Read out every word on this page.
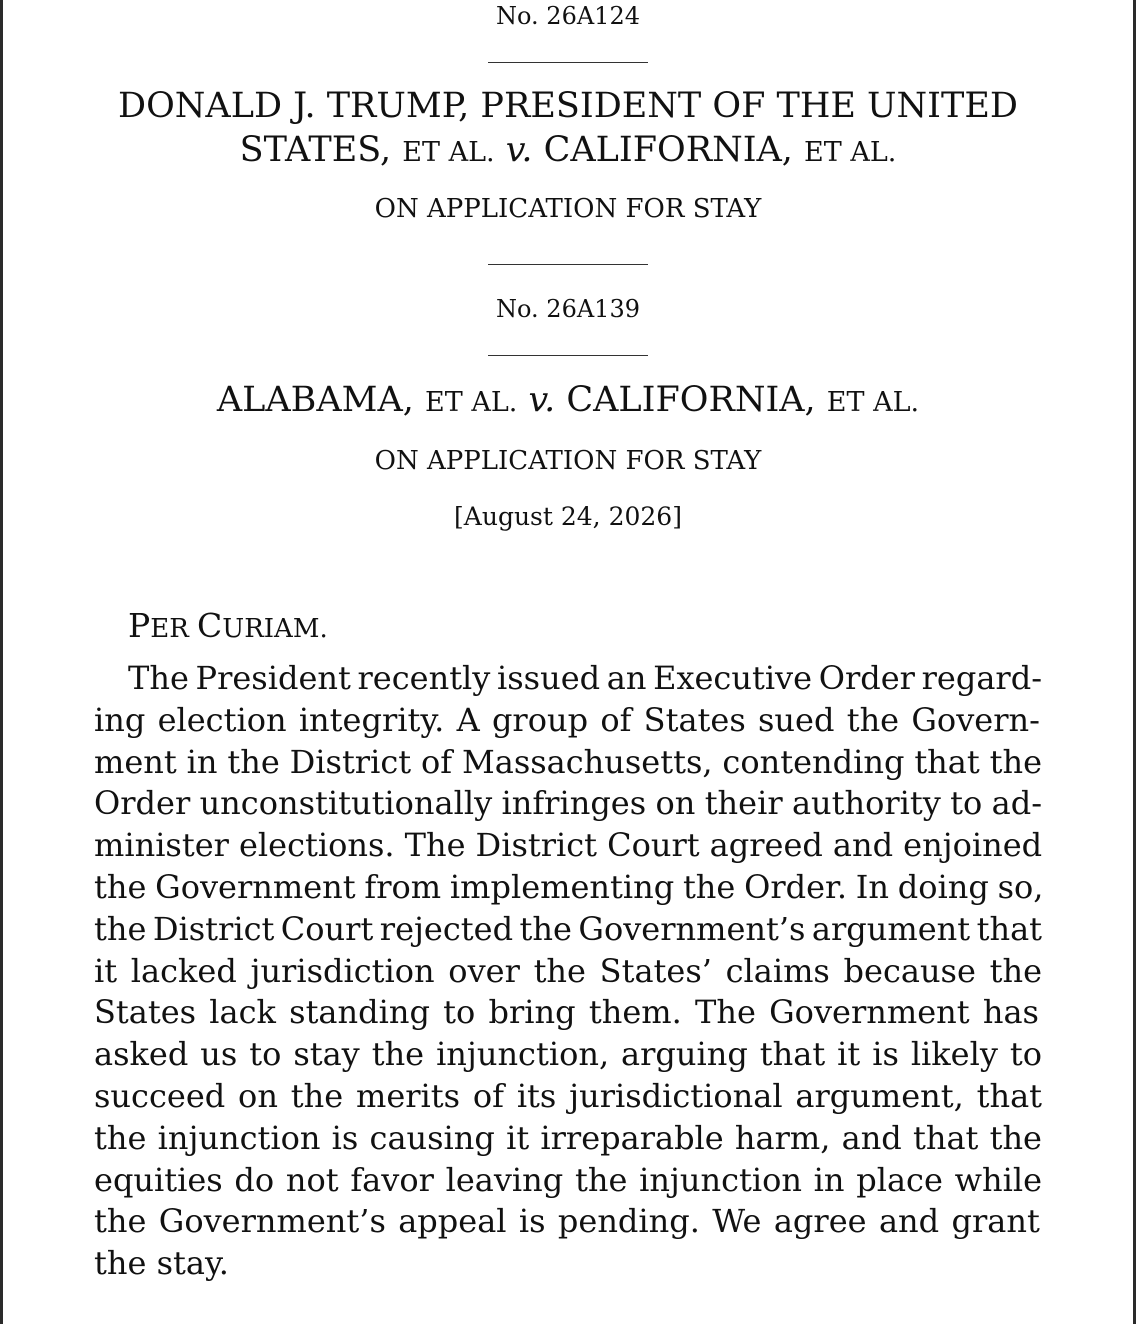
No. 26A124
DONALD J. TRUMP, PRESIDENT OF THE UNITED
STATES, ET AL. v. CALIFORNIA, ET AL.
ON APPLICATION FOR STAY
No. 26A139
ALABAMA, ET AL. v. CALIFORNIA, ET AL.
ON APPLICATION FOR STAY
[August 24, 2026]
PER CURIAM.
The President recently issued an Executive Order regard-
ing election integrity. A group of States sued the Govern-
ment in the District of Massachusetts, contending that the
Order unconstitutionally infringes on their authority to ad-
minister elections. The District Court agreed and enjoined
the Government from implementing the Order. In doing so,
the District Court rejected the Government’s argument that
it lacked jurisdiction over the States’ claims because the
States lack standing to bring them. The Government has
asked us to stay the injunction, arguing that it is likely to
succeed on the merits of its jurisdictional argument, that
the injunction is causing it irreparable harm, and that the
equities do not favor leaving the injunction in place while
the Government’s appeal is pending. We agree and grant
the stay.
